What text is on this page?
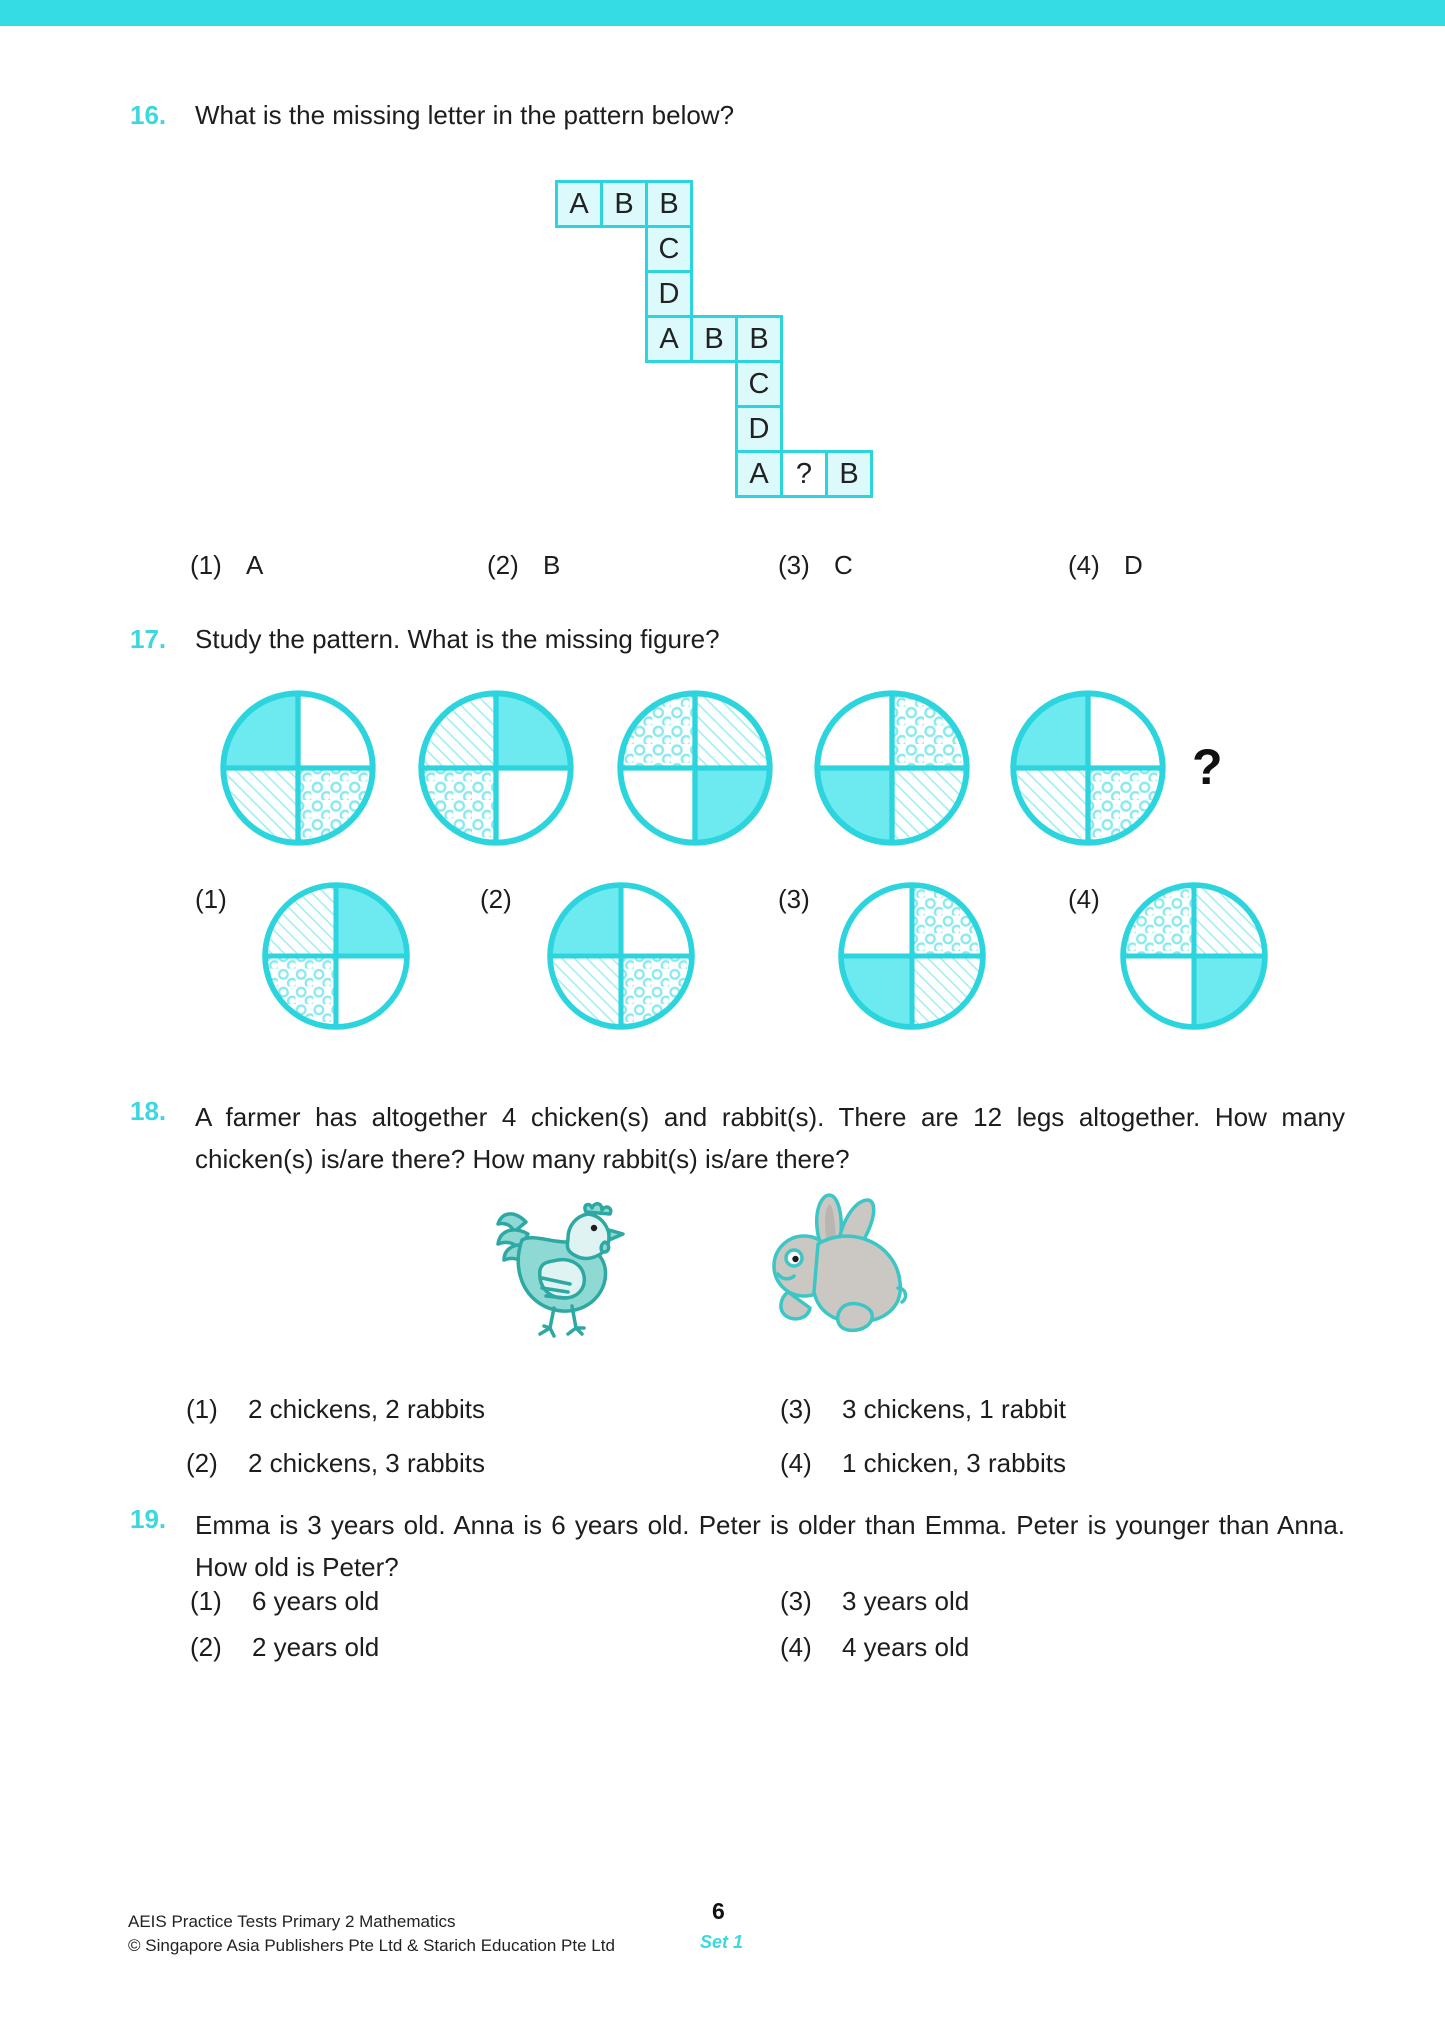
16. What is the missing letter in the pattern below?
A B B
C
D
A B B
C
D
A ? B
(1) A	(2) B	(3) C	(4) D
17. Study the pattern. What is the missing figure?
?
(1)	(2)	(3)	(4)
18. A farmer has altogether 4 chicken(s) and rabbit(s). There are 12 legs altogether. How many chicken(s) is/are there? How many rabbit(s) is/are there?
(1) 2 chickens, 2 rabbits
(2) 2 chickens, 3 rabbits
(3) 3 chickens, 1 rabbit
(4) 1 chicken, 3 rabbits
19. Emma is 3 years old. Anna is 6 years old. Peter is older than Emma. Peter is younger than Anna. How old is Peter?
(1) 6 years old
(2) 2 years old
(3) 3 years old
(4) 4 years old
AEIS Practice Tests Primary 2 Mathematics
© Singapore Asia Publishers Pte Ltd & Starich Education Pte Ltd
6
Set 1
